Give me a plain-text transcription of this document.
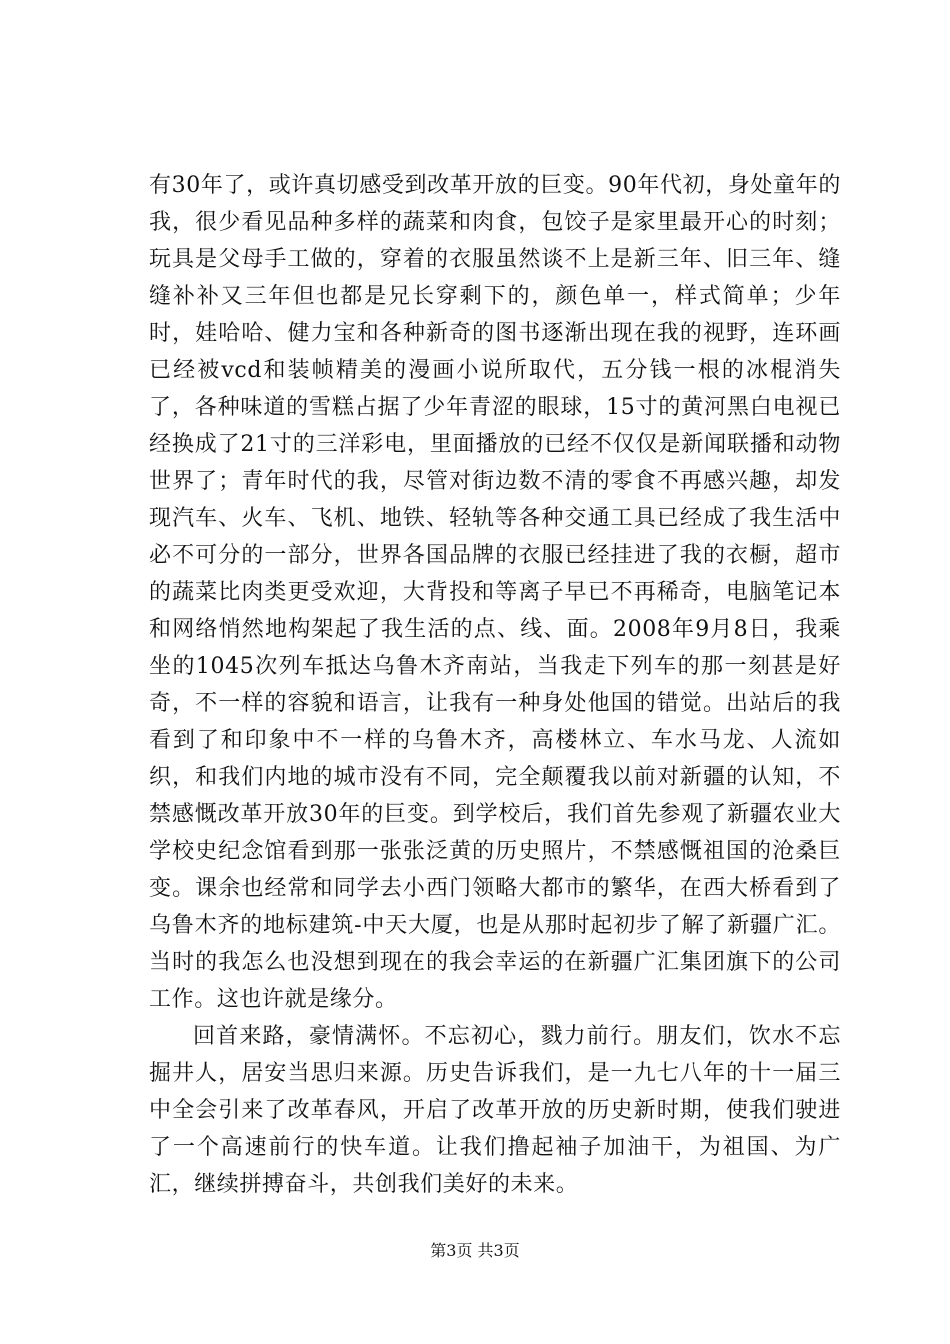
有30年了，或许真切感受到改革开放的巨变。90年代初，身处童年的我，很少看见品种多样的蔬菜和肉食，包饺子是家里最开心的时刻；玩具是父母手工做的，穿着的衣服虽然谈不上是新三年、旧三年、缝缝补补又三年但也都是兄长穿剩下的，颜色单一，样式简单；少年时，娃哈哈、健力宝和各种新奇的图书逐渐出现在我的视野，连环画已经被vcd和装帧精美的漫画小说所取代，五分钱一根的冰棍消失了，各种味道的雪糕占据了少年青涩的眼球，15寸的黄河黑白电视已经换成了21寸的三洋彩电，里面播放的已经不仅仅是新闻联播和动物世界了；青年时代的我，尽管对街边数不清的零食不再感兴趣，却发现汽车、火车、飞机、地铁、轻轨等各种交通工具已经成了我生活中必不可分的一部分，世界各国品牌的衣服已经挂进了我的衣橱，超市的蔬菜比肉类更受欢迎，大背投和等离子早已不再稀奇，电脑笔记本和网络悄然地构架起了我生活的点、线、面。2008年9月8日，我乘坐的1045次列车抵达乌鲁木齐南站，当我走下列车的那一刻甚是好奇，不一样的容貌和语言，让我有一种身处他国的错觉。出站后的我看到了和印象中不一样的乌鲁木齐，高楼林立、车水马龙、人流如织，和我们内地的城市没有不同，完全颠覆我以前对新疆的认知，不禁感慨改革开放30年的巨变。到学校后，我们首先参观了新疆农业大学校史纪念馆看到那一张张泛黄的历史照片，不禁感慨祖国的沧桑巨变。课余也经常和同学去小西门领略大都市的繁华，在西大桥看到了乌鲁木齐的地标建筑-中天大厦，也是从那时起初步了解了新疆广汇。当时的我怎么也没想到现在的我会幸运的在新疆广汇集团旗下的公司工作。这也许就是缘分。

回首来路，豪情满怀。不忘初心，戮力前行。朋友们，饮水不忘掘井人，居安当思归来源。历史告诉我们，是一九七八年的十一届三中全会引来了改革春风，开启了改革开放的历史新时期，使我们驶进了一个高速前行的快车道。让我们撸起袖子加油干，为祖国、为广汇，继续拼搏奋斗，共创我们美好的未来。

第3页 共3页
